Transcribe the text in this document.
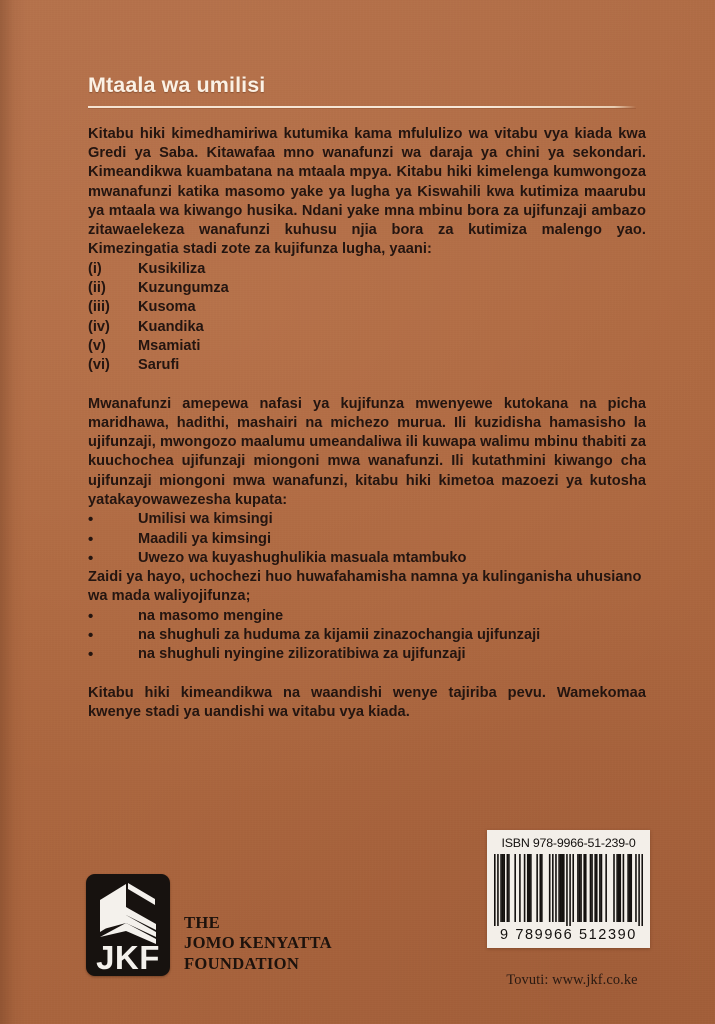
Mtaala wa umilisi
Kitabu hiki kimedhamiriwa kutumika kama mfululizo wa vitabu vya kiada kwa Gredi ya Saba. Kitawafaa mno wanafunzi wa daraja ya chini ya sekondari. Kimeandikwa kuambatana na mtaala mpya. Kitabu hiki kimelenga kumwongoza mwanafunzi katika masomo yake ya lugha ya Kiswahili kwa kutimiza maarubu ya mtaala wa kiwango husika. Ndani yake mna mbinu bora za ujifunzaji ambazo zitawaelekeza wanafunzi kuhusu njia bora za kutimiza malengo yao. Kimezingatia stadi zote za kujifunza lugha, yaani:
(i)	Kusikiliza
(ii)	Kuzungumza
(iii)	Kusoma
(iv)	Kuandika
(v)	Msamiati
(vi)	Sarufi
Mwanafunzi amepewa nafasi ya kujifunza mwenyewe kutokana na picha maridhawa, hadithi, mashairi na michezo murua. Ili kuzidisha hamasisho la ujifunzaji, mwongozo maalumu umeandaliwa ili kuwapa walimu mbinu thabiti za kuuchochea ujifunzaji miongoni mwa wanafunzi. Ili kutathmini kiwango cha ujifunzaji miongoni mwa wanafunzi, kitabu hiki kimetoa mazoezi ya kutosha yatakayowawezesha kupata:
•	Umilisi wa kimsingi
•	Maadili ya kimsingi
•	Uwezo wa kuyashughulikia masuala mtambuko
Zaidi ya hayo, uchochezi huo huwafahamisha namna ya kulinganisha uhusiano wa mada waliyojifunza;
•	na masomo mengine
•	na shughuli za huduma za kijamii zinazochangia ujifunzaji
•	na shughuli nyingine zilizoratibiwa za ujifunzaji
Kitabu hiki kimeandikwa na waandishi wenye tajiriba pevu. Wamekomaa kwenye stadi ya uandishi wa vitabu vya kiada.
JKF
THE
JOMO KENYATTA
FOUNDATION
ISBN 978-9966-51-239-0
9 789966 512390
Tovuti: www.jkf.co.ke
